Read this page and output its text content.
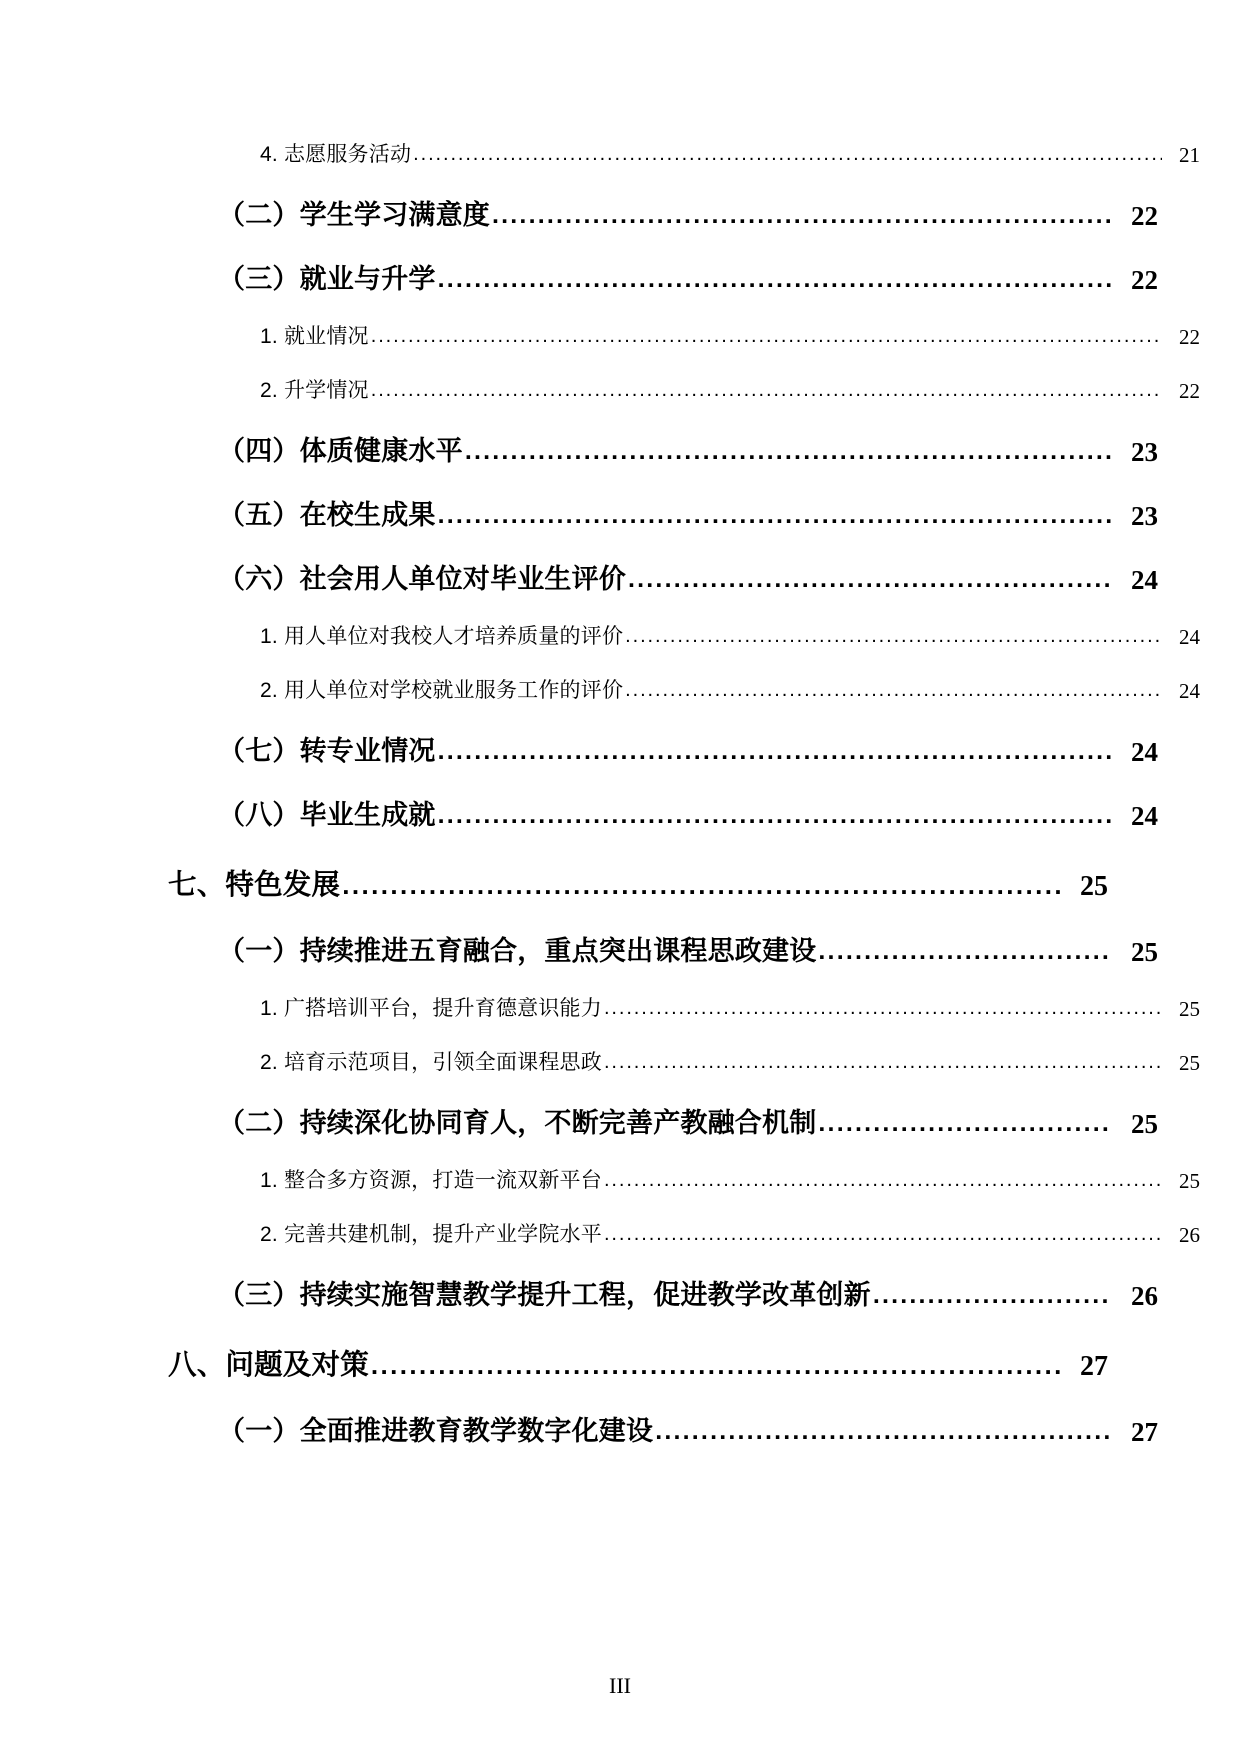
4. 志愿服务活动 .....	21
（二）学生学习满意度 .....	22
（三）就业与升学 .....	22
1. 就业情况 .....	22
2. 升学情况 .....	22
（四）体质健康水平 .....	23
（五）在校生成果 .....	23
（六）社会用人单位对毕业生评价 .....	24
1. 用人单位对我校人才培养质量的评价 .....	24
2. 用人单位对学校就业服务工作的评价 .....	24
（七）转专业情况 .....	24
（八）毕业生成就 .....	24
七、特色发展 .....	25
（一）持续推进五育融合，重点突出课程思政建设 .....	25
1. 广搭培训平台，提升育德意识能力 .....	25
2. 培育示范项目，引领全面课程思政 .....	25
（二）持续深化协同育人，不断完善产教融合机制 .....	25
1. 整合多方资源，打造一流双新平台 .....	25
2. 完善共建机制，提升产业学院水平 .....	26
（三）持续实施智慧教学提升工程，促进教学改革创新 .....	26
八、问题及对策 .....	27
（一）全面推进教育教学数字化建设 .....	27
III
